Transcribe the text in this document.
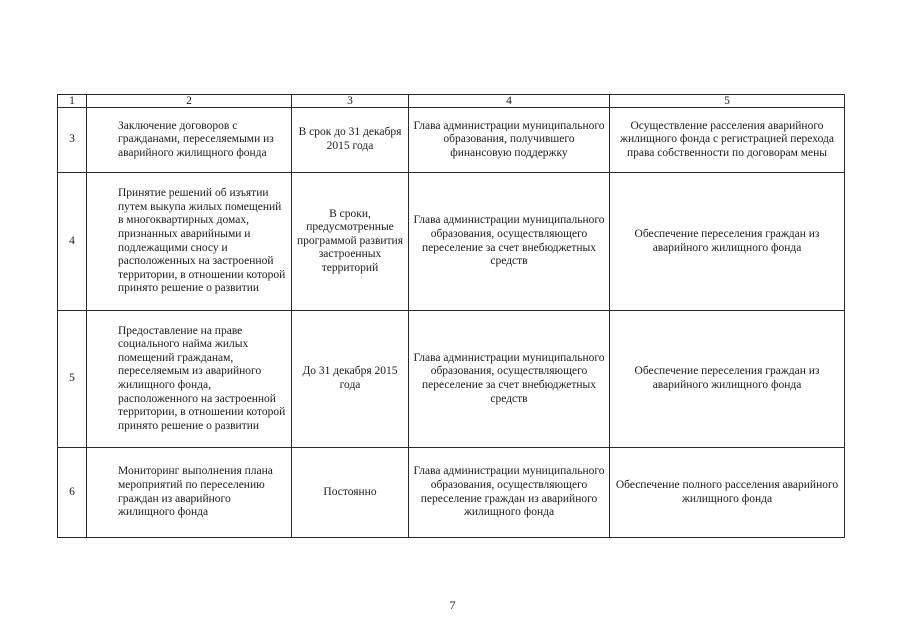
1	2	3	4	5
3	Заключение договоров с гражданами, переселяемыми из аварийного жилищного фонда	В срок до 31 декабря 2015 года	Глава администрации муниципального образования, получившего финансовую поддержку	Осуществление расселения аварийного жилищного фонда с регистрацией перехода права собственности по договорам мены
4	Принятие решений об изъятии путем выкупа жилых помещений в многоквартирных домах, признанных аварийными и подлежащими сносу и расположенных на застроенной территории, в отношении которой принято решение о развитии	В сроки, предусмотренные программой развития застроенных территорий	Глава администрации муниципального образования, осуществляющего переселение за счет внебюджетных средств	Обеспечение переселения граждан из аварийного жилищного фонда
5	Предоставление на праве социального найма жилых помещений гражданам, переселяемым из аварийного жилищного фонда, расположенного на застроенной территории, в отношении которой принято решение о развитии	До 31 декабря 2015 года	Глава администрации муниципального образования, осуществляющего переселение за счет внебюджетных средств	Обеспечение переселения граждан из аварийного жилищного фонда
6	Мониторинг выполнения плана мероприятий по переселению граждан из аварийного жилищного фонда	Постоянно	Глава администрации муниципального образования, осуществляющего переселение граждан из аварийного жилищного фонда	Обеспечение полного расселения аварийного жилищного фонда
7
